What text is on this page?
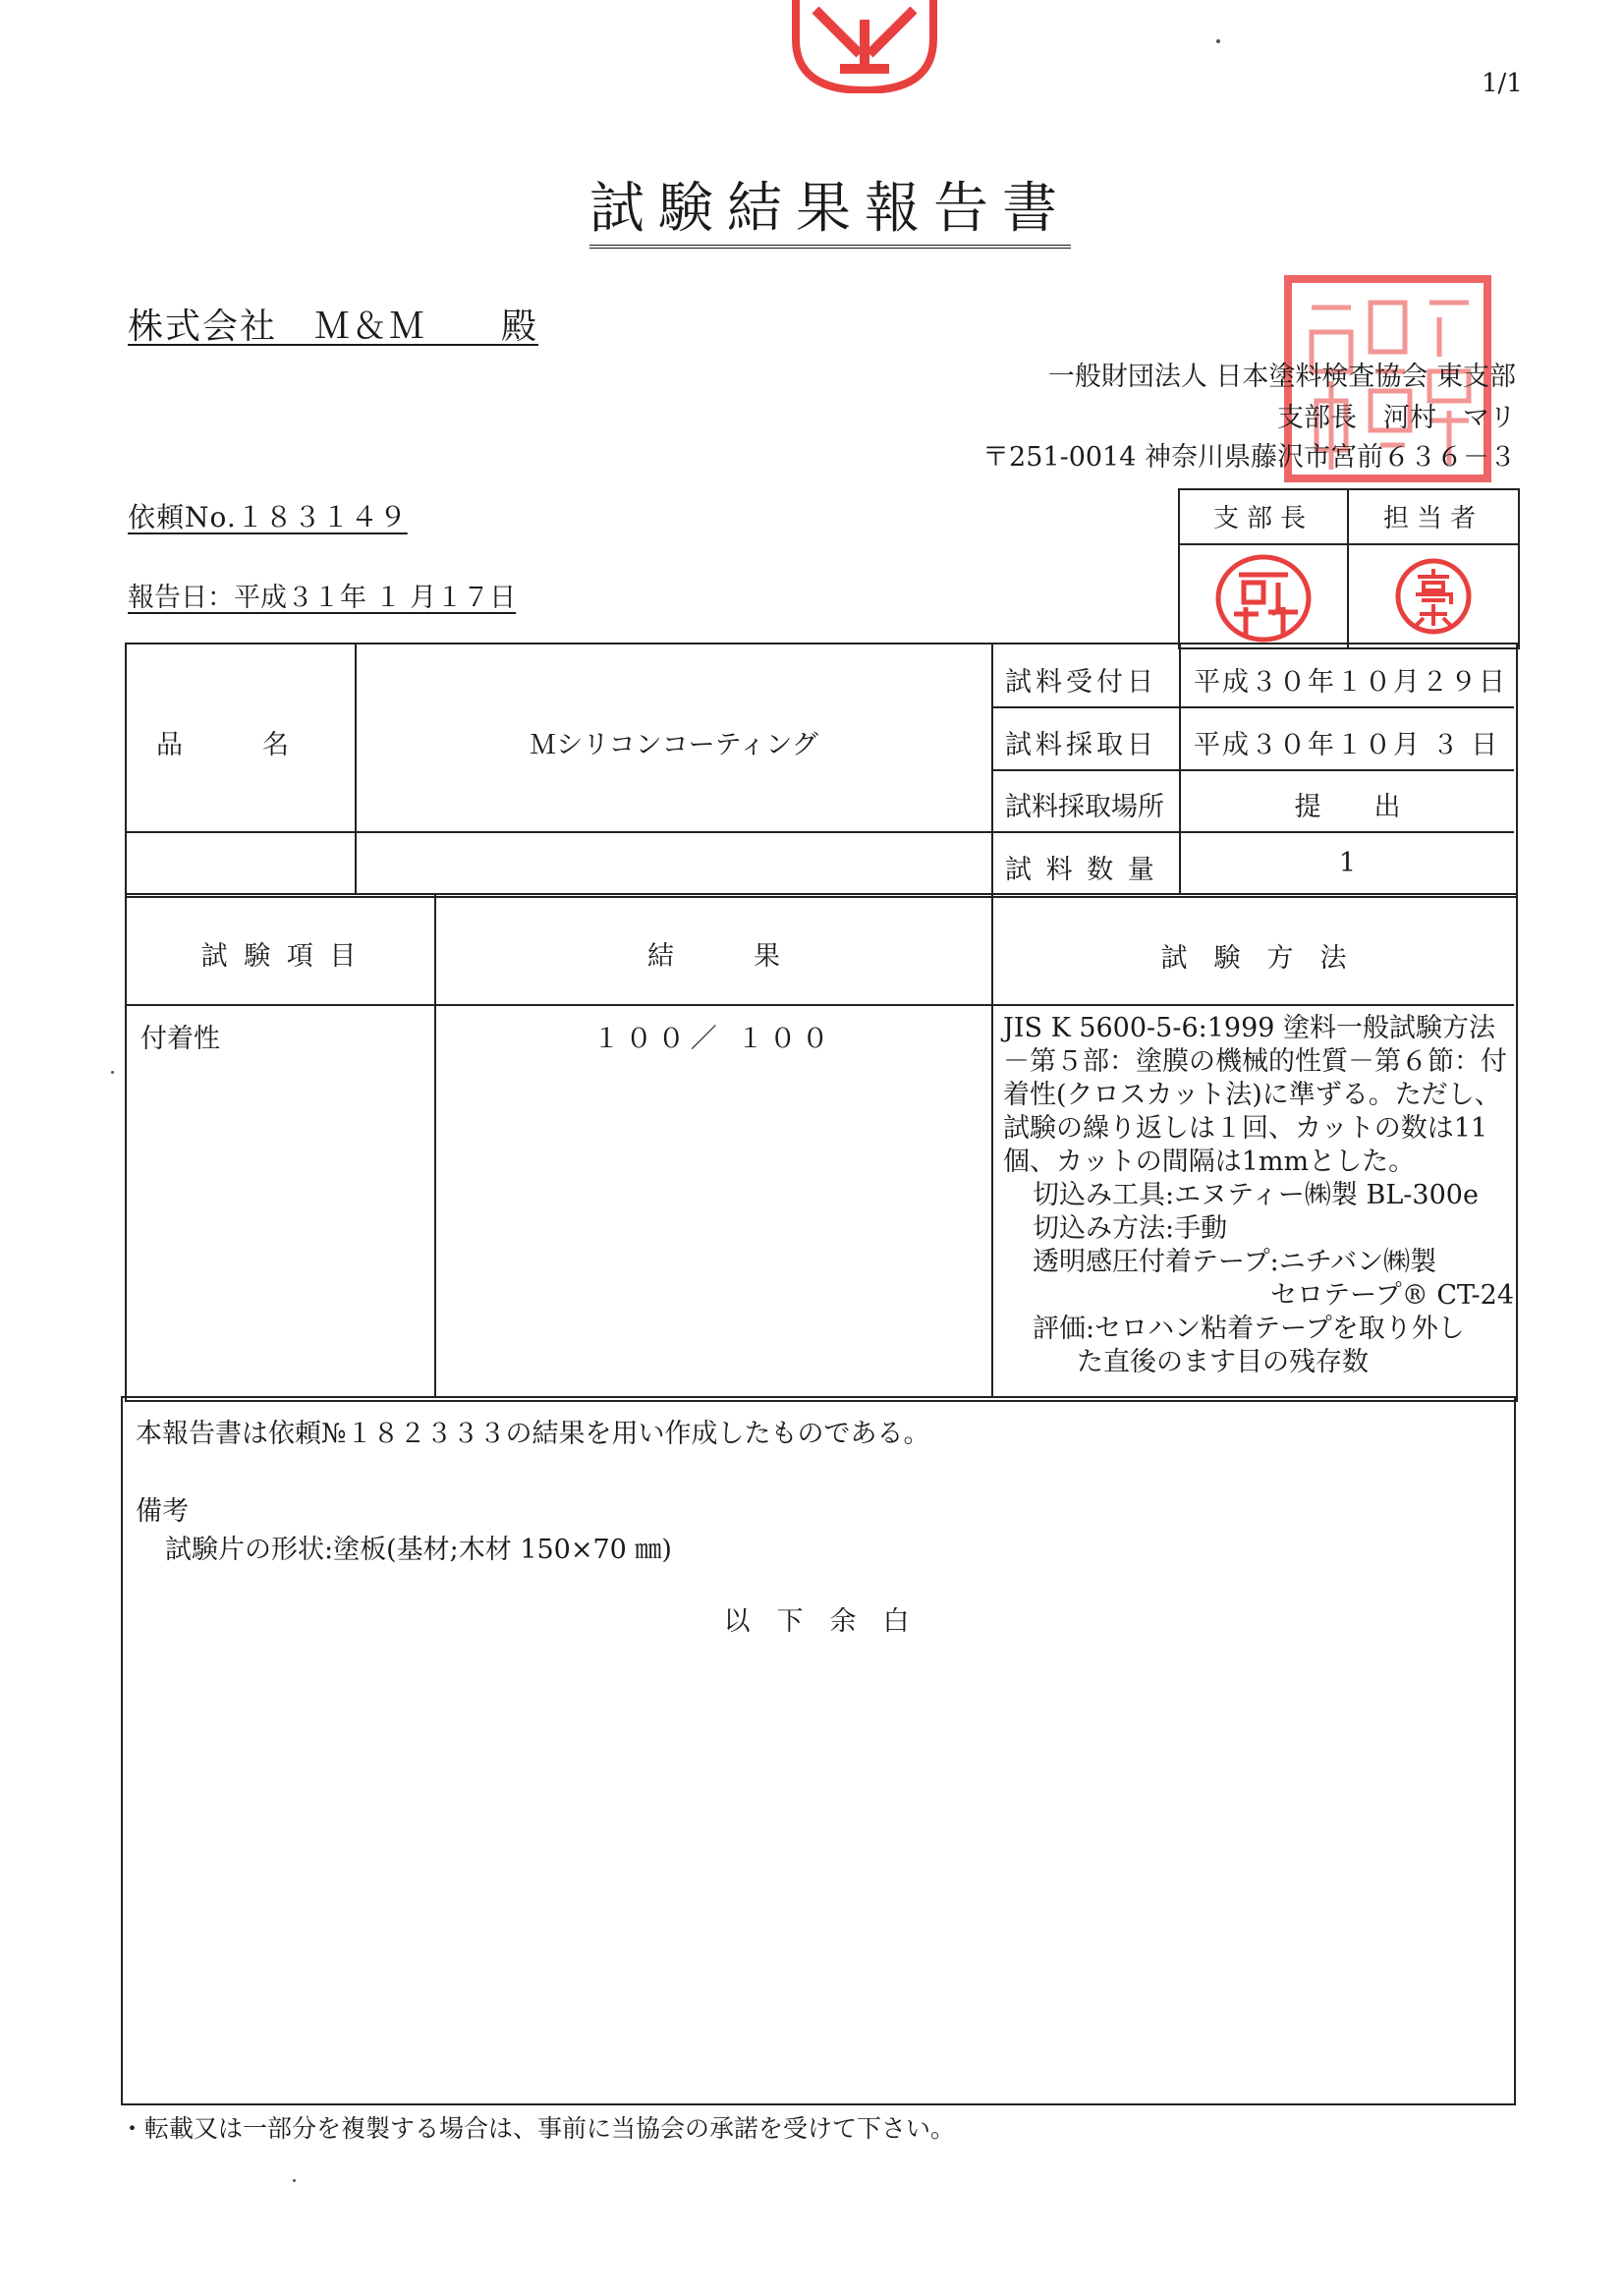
1/1
試験結果報告書
株式会社　Ｍ＆Ｍ　　殿
一般財団法人 日本塗料検査協会 東支部
支部長　河村　マリ
〒251-0014 神奈川県藤沢市宮前６３６－３
依頼No.１８３１４９
報告日：平成３１年 １ 月１７日
支部長	担当者
品　　　名	Ｍシリコンコーティング
試料受付日 平成３０年１０月２９日
試料採取日 平成３０年１０月 ３ 日
試料採取場所	提　　出
試 料 数 量	1
試 験 項 目	結　　　果	試　験　方　法
付着性	１００／ １００	JIS K 5600-5-6:1999 塗料一般試験方法
－第５部：塗膜の機械的性質－第６節：付
着性(クロスカット法)に準ずる。ただし、
試験の繰り返しは１回、カットの数は11
個、カットの間隔は1mmとした。
切込み工具:エヌティー㈱製 BL-300e
切込み方法:手動
透明感圧付着テープ:ニチバン㈱製
セロテープ® CT-24
評価:セロハン粘着テープを取り外し
た直後のます目の残存数
本報告書は依頼№１８２３３３の結果を用い作成したものである。
備考
試験片の形状:塗板(基材;木材 150×70 ㎜)
以　下　余　白
・転載又は一部分を複製する場合は、事前に当協会の承諾を受けて下さい。
